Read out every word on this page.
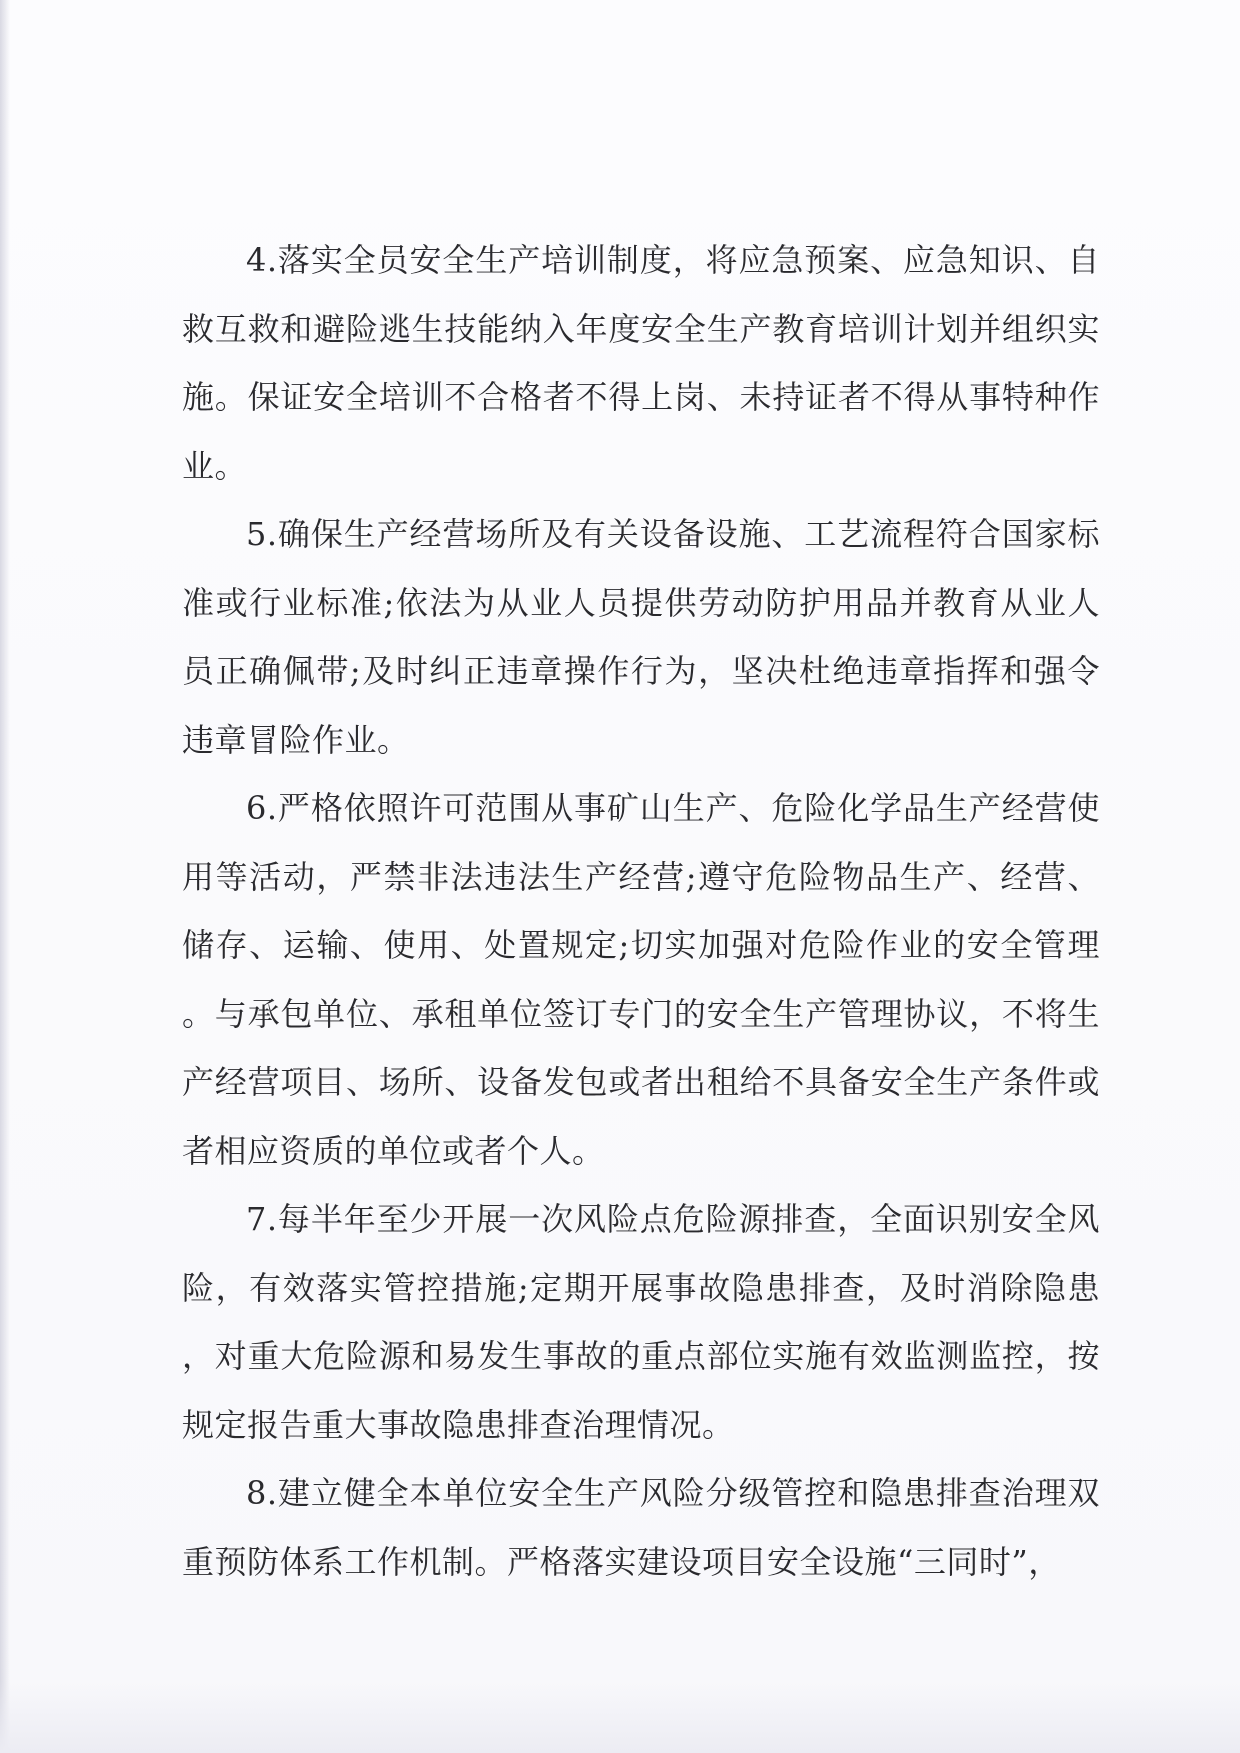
4.落实全员安全生产培训制度，将应急预案、应急知识、自救互救和避险逃生技能纳入年度安全生产教育培训计划并组织实施。保证安全培训不合格者不得上岗、未持证者不得从事特种作业。

5.确保生产经营场所及有关设备设施、工艺流程符合国家标准或行业标准;依法为从业人员提供劳动防护用品并教育从业人员正确佩带;及时纠正违章操作行为，坚决杜绝违章指挥和强令违章冒险作业。

6.严格依照许可范围从事矿山生产、危险化学品生产经营使用等活动，严禁非法违法生产经营;遵守危险物品生产、经营、储存、运输、使用、处置规定;切实加强对危险作业的安全管理。与承包单位、承租单位签订专门的安全生产管理协议，不将生产经营项目、场所、设备发包或者出租给不具备安全生产条件或者相应资质的单位或者个人。

7.每半年至少开展一次风险点危险源排查，全面识别安全风险，有效落实管控措施;定期开展事故隐患排查，及时消除隐患，对重大危险源和易发生事故的重点部位实施有效监测监控，按规定报告重大事故隐患排查治理情况。

8.建立健全本单位安全生产风险分级管控和隐患排查治理双重预防体系工作机制。严格落实建设项目安全设施“三同时”，
